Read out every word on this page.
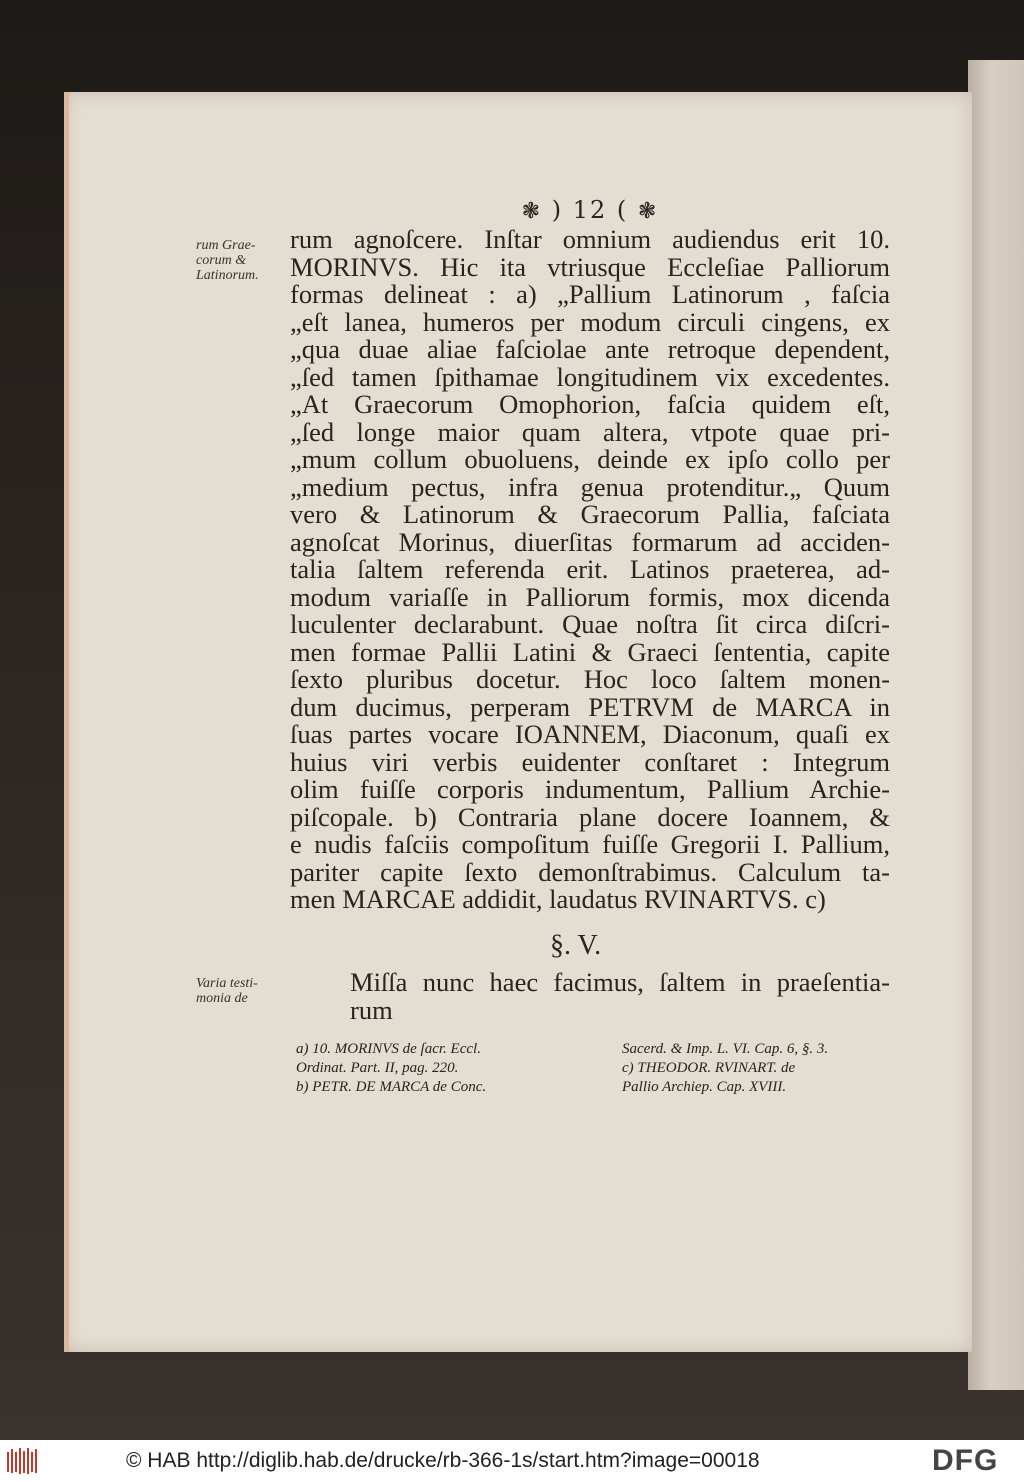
❃ ) 12 ( ❃
rum Grae-
corum &
Latinorum.
Varia testi-
monia de
rum agnoſcere. Inſtar omnium audiendus erit 10.
MORINVS. Hic ita vtriusque Eccleſiae Palliorum
formas delineat : a) „Pallium Latinorum , faſcia
„eſt lanea, humeros per modum circuli cingens, ex
„qua duae aliae faſciolae ante retroque dependent,
„ſed tamen ſpithamae longitudinem vix excedentes.
„At Graecorum Omophorion, faſcia quidem eſt,
„ſed longe maior quam altera, vtpote quae pri-
„mum collum obuoluens, deinde ex ipſo collo per
„medium pectus, infra genua protenditur.„ Quum
vero & Latinorum & Graecorum Pallia, faſciata
agnoſcat Morinus, diuerſitas formarum ad acciden-
talia ſaltem referenda erit. Latinos praeterea, ad-
modum variaſſe in Palliorum formis, mox dicenda
luculenter declarabunt. Quae noſtra ſit circa diſcri-
men formae Pallii Latini & Graeci ſententia, capite
ſexto pluribus docetur. Hoc loco ſaltem monen-
dum ducimus, perperam PETRVM de MARCA in
ſuas partes vocare IOANNEM, Diaconum, quaſi ex
huius viri verbis euidenter conſtaret : Integrum
olim fuiſſe corporis indumentum, Pallium Archie-
piſcopale. b) Contraria plane docere Ioannem, &
e nudis faſciis compoſitum fuiſſe Gregorii I. Pallium,
pariter capite ſexto demonſtrabimus. Calculum ta-
men MARCAE addidit, laudatus RVINARTVS. c)
§. V.
Miſſa nunc haec facimus, ſaltem in praeſentia-
rum
a) 10. MORINVS de ſacr. Eccl.	Sacerd. & Imp. L. VI. Cap. 6, §. 3.
Ordinat. Part. II, pag. 220.	c) THEODOR. RVINART. de
b) PETR. DE MARCA de Conc.	Pallio Archiep. Cap. XVIII.
© HAB http://diglib.hab.de/drucke/rb-366-1s/start.htm?image=00018	DFG
